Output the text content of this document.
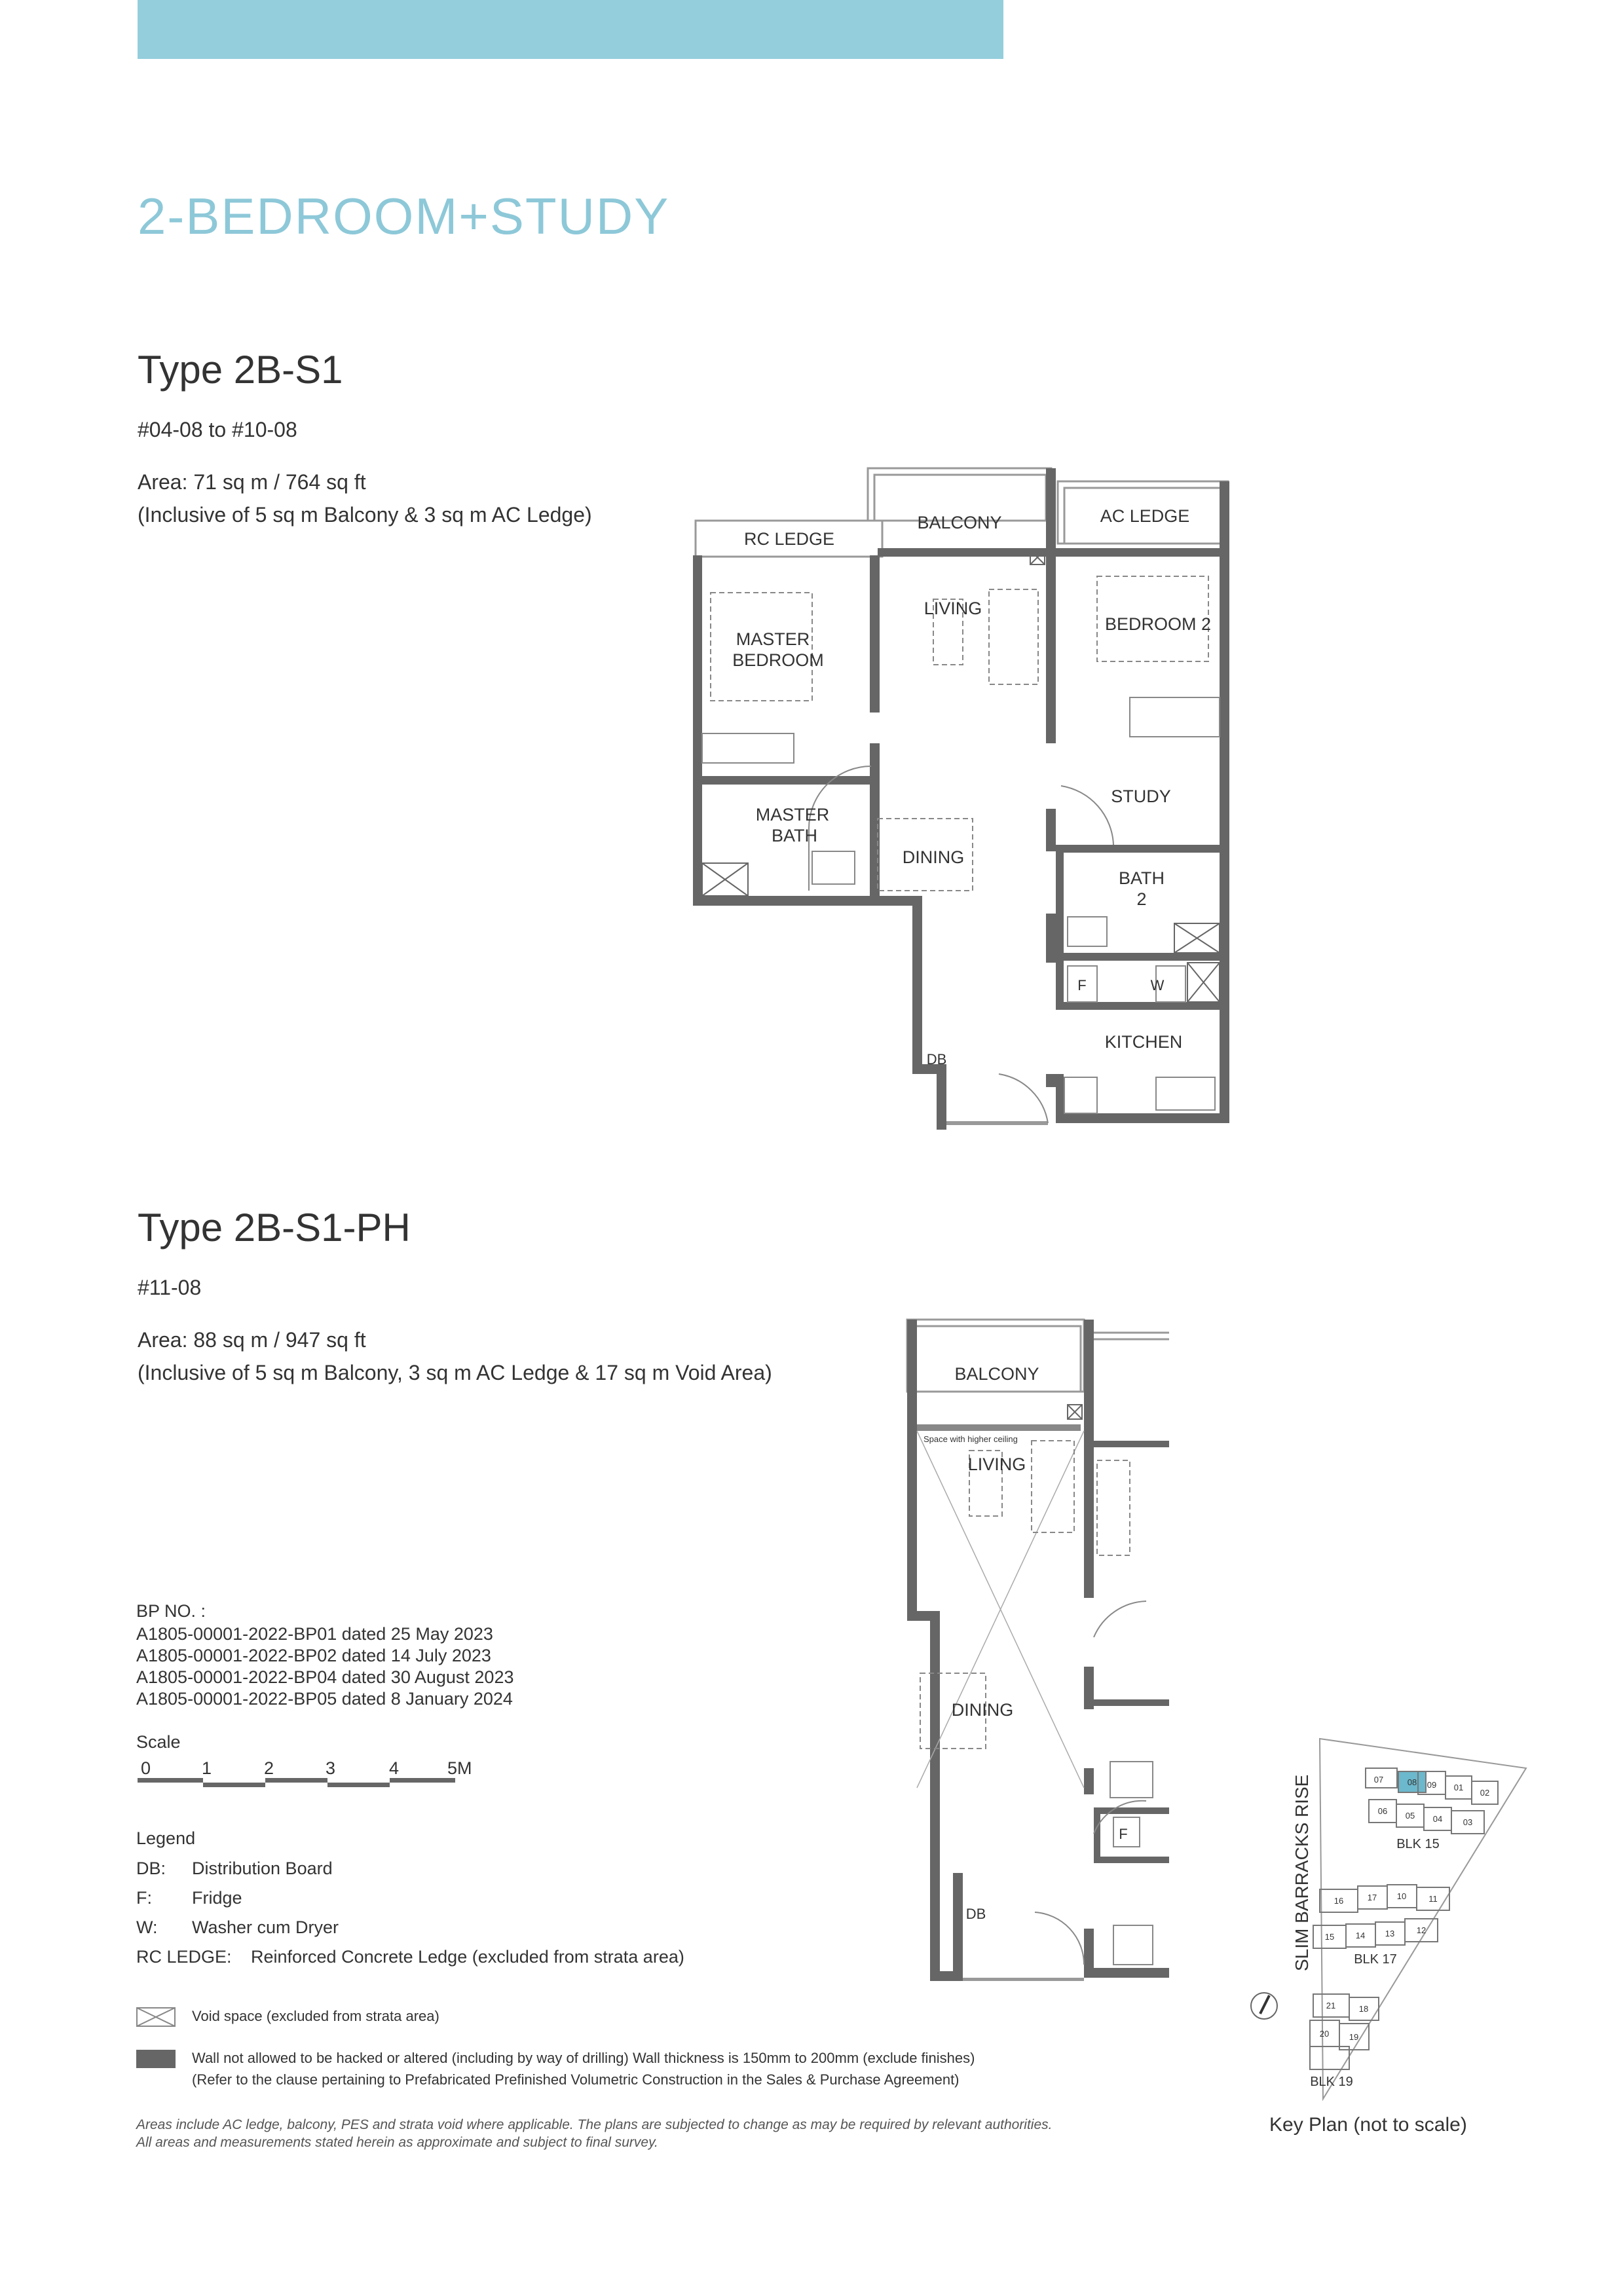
2-BEDROOM+STUDY
Type 2B-S1
#04-08 to #10-08
Area: 71 sq m / 764 sq ft
(Inclusive of 5 sq m Balcony & 3 sq m AC Ledge)
RC LEDGE
BALCONY	AC LEDGE
LIVING
MASTER
BEDROOM
BEDROOM 2
STUDY
MASTER
BATH
DINING
BATH
2
KITCHEN
F	W
DB
Type 2B-S1-PH
#11-08
Area: 88 sq m / 947 sq ft
(Inclusive of 5 sq m Balcony, 3 sq m AC Ledge & 17 sq m Void Area)	BALCONY
LIVING
DINING
Space with higher ceiling
F
DB
BP NO. :
A1805-00001-2022-BP01 dated 25 May 2023
A1805-00001-2022-BP02 dated 14 July 2023
A1805-00001-2022-BP04 dated 30 August 2023
A1805-00001-2022-BP05 dated 8 January 2024
Scale
0	1	2	3	4	5M
Legend
DB: Distribution Board
F: Fridge
W: Washer cum Dryer
RC LEDGE: Reinforced Concrete Ledge (excluded from strata area)
Void space (excluded from strata area)
Wall not allowed to be hacked or altered (including by way of drilling) Wall thickness is 150mm to 200mm (exclude finishes)
(Refer to the clause pertaining to Prefabricated Prefinished Volumetric Construction in the Sales & Purchase Agreement)
Areas include AC ledge, balcony, PES and strata void where applicable. The plans are subjected to change as may be required by relevant authorities.
All areas and measurements stated herein as approximate and subject to final survey.
07	08 09 01
02
06 05 04 03
16	17 10	11
15	14 13	12
21	18
20 19
BLK 15
BLK 17
BLK 19
SLIM BARRACKS RISE
Key Plan (not to scale)
